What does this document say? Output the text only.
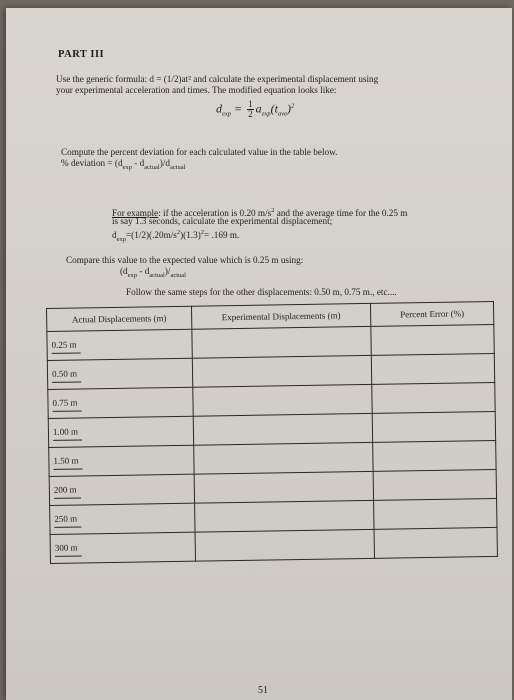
PART III
Use the generic formula: d = (1/2)at² and calculate the experimental displacement using
your experimental acceleration and times. The modified equation looks like:
$d_{exp} = \frac{1}{2} a_{exp}(t_{ave})^2$
Compute the percent deviation for each calculated value in the table below.
% deviation = $(d_{exp} - d_{actual})/d_{actual}$
For example: if the acceleration is 0.20 $m/s^2$ and the average time for the 0.25 m
is say 1.3 seconds, calculate the experimental displacement;
$d_{exp}=(1/2)(.20m/s^2)(1.3)^2= .169$ m.
Compare this value to the expected value which is 0.25 m using:
$(d_{exp} - d_{actual})/_{actual}$
Follow the same steps for the other displacements: 0.50 m, 0.75 m., etc....
Actual Displacements (m)	Experimental Displacements (m)	Percent Error (%)
0.25 m		
0.50 m		
0.75 m		
1.00 m		
1.50 m		
200 m		
250 m		
300 m		
51
